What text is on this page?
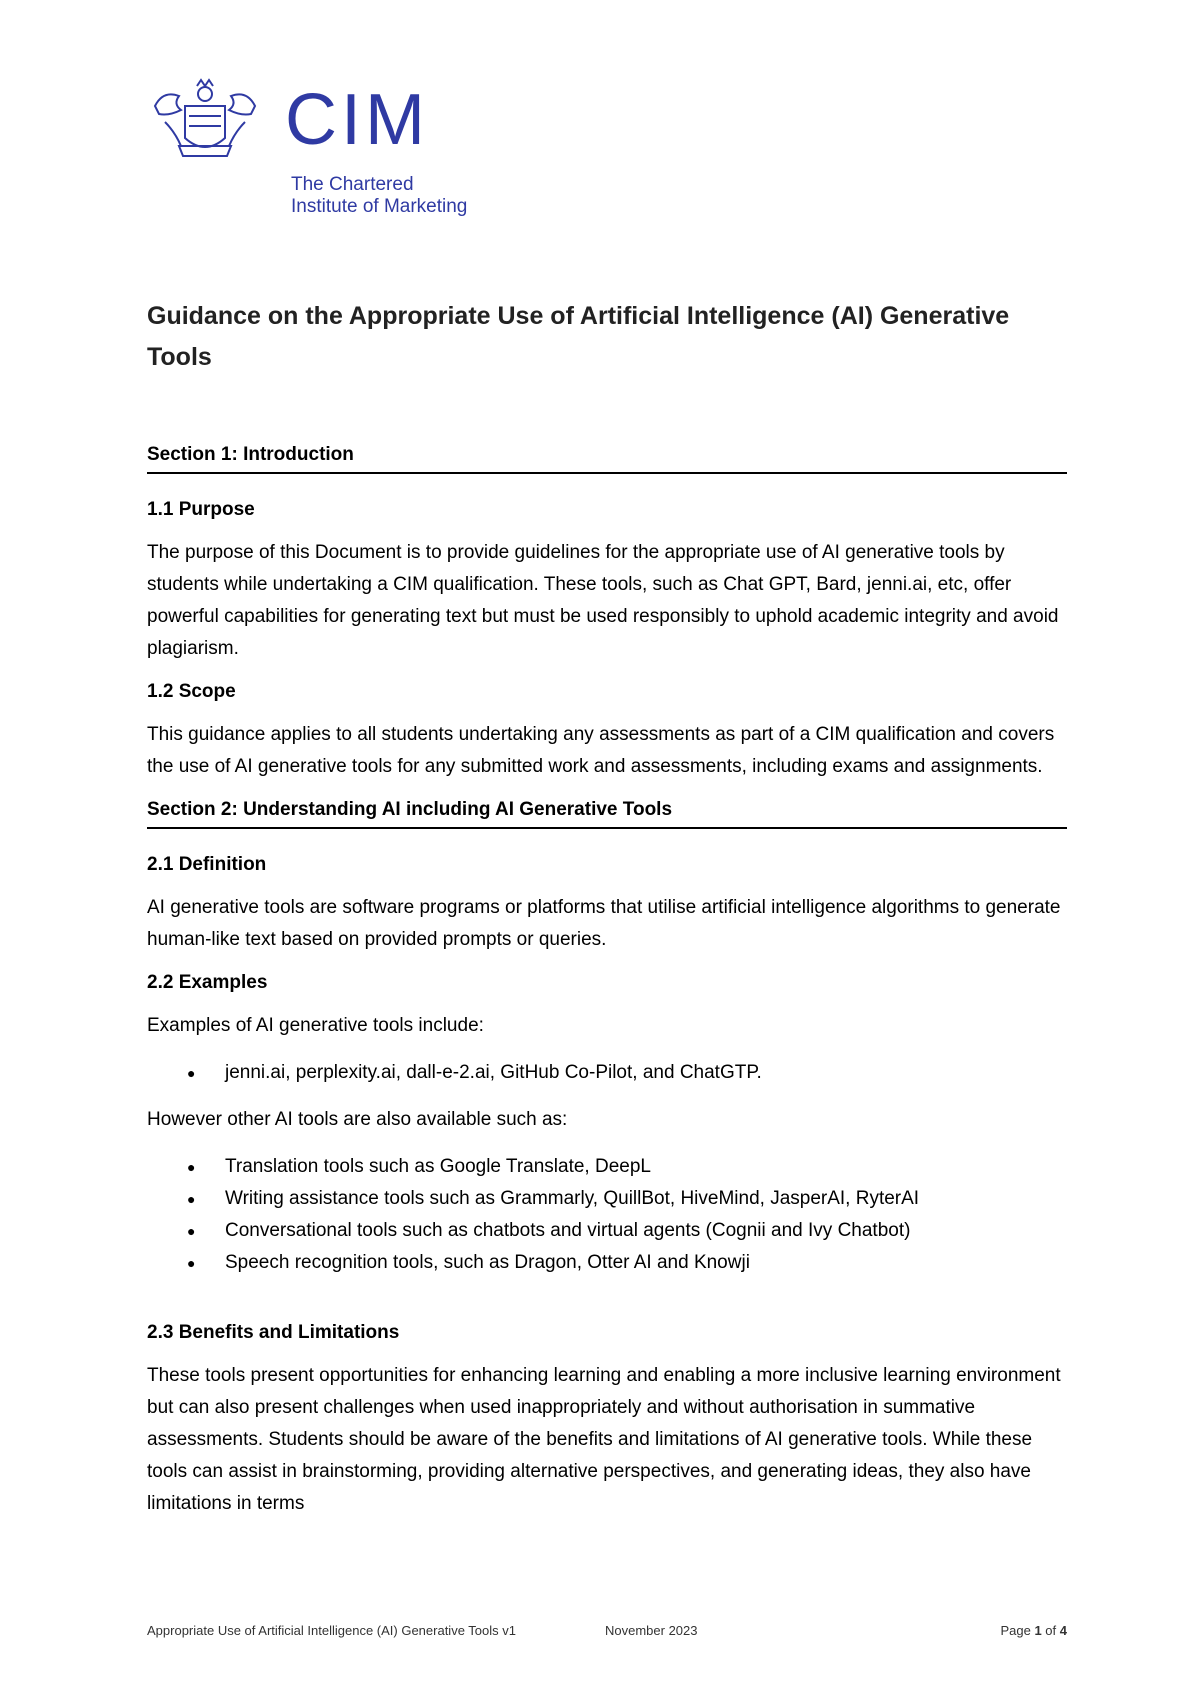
CIM
The Chartered
Institute of Marketing
Guidance on the Appropriate Use of Artificial Intelligence (AI) Generative Tools
Section 1: Introduction
1.1 Purpose

The purpose of this Document is to provide guidelines for the appropriate use of AI generative tools by students while undertaking a CIM qualification. These tools, such as Chat GPT, Bard, jenni.ai, etc, offer powerful capabilities for generating text but must be used responsibly to uphold academic integrity and avoid plagiarism.

1.2 Scope

This guidance applies to all students undertaking any assessments as part of a CIM qualification and covers the use of AI generative tools for any submitted work and assessments, including exams and assignments.

Section 2: Understanding AI including AI Generative Tools
2.1 Definition

AI generative tools are software programs or platforms that utilise artificial intelligence algorithms to generate human-like text based on provided prompts or queries.

2.2 Examples

Examples of AI generative tools include:

● jenni.ai, perplexity.ai, dall-e-2.ai, GitHub Co-Pilot, and ChatGTP.

However other AI tools are also available such as:

● Translation tools such as Google Translate, DeepL
● Writing assistance tools such as Grammarly, QuillBot, HiveMind, JasperAI, RyterAI
● Conversational tools such as chatbots and virtual agents (Cognii and Ivy Chatbot)
● Speech recognition tools, such as Dragon, Otter AI and Knowji
2.3 Benefits and Limitations

These tools present opportunities for enhancing learning and enabling a more inclusive learning environment but can also present challenges when used inappropriately and without authorisation in summative assessments. Students should be aware of the benefits and limitations of AI generative tools. While these tools can assist in brainstorming, providing alternative perspectives, and generating ideas, they also have limitations in terms

Appropriate Use of Artificial Intelligence (AI) Generative Tools v1	November 2023	Page 1 of 4
